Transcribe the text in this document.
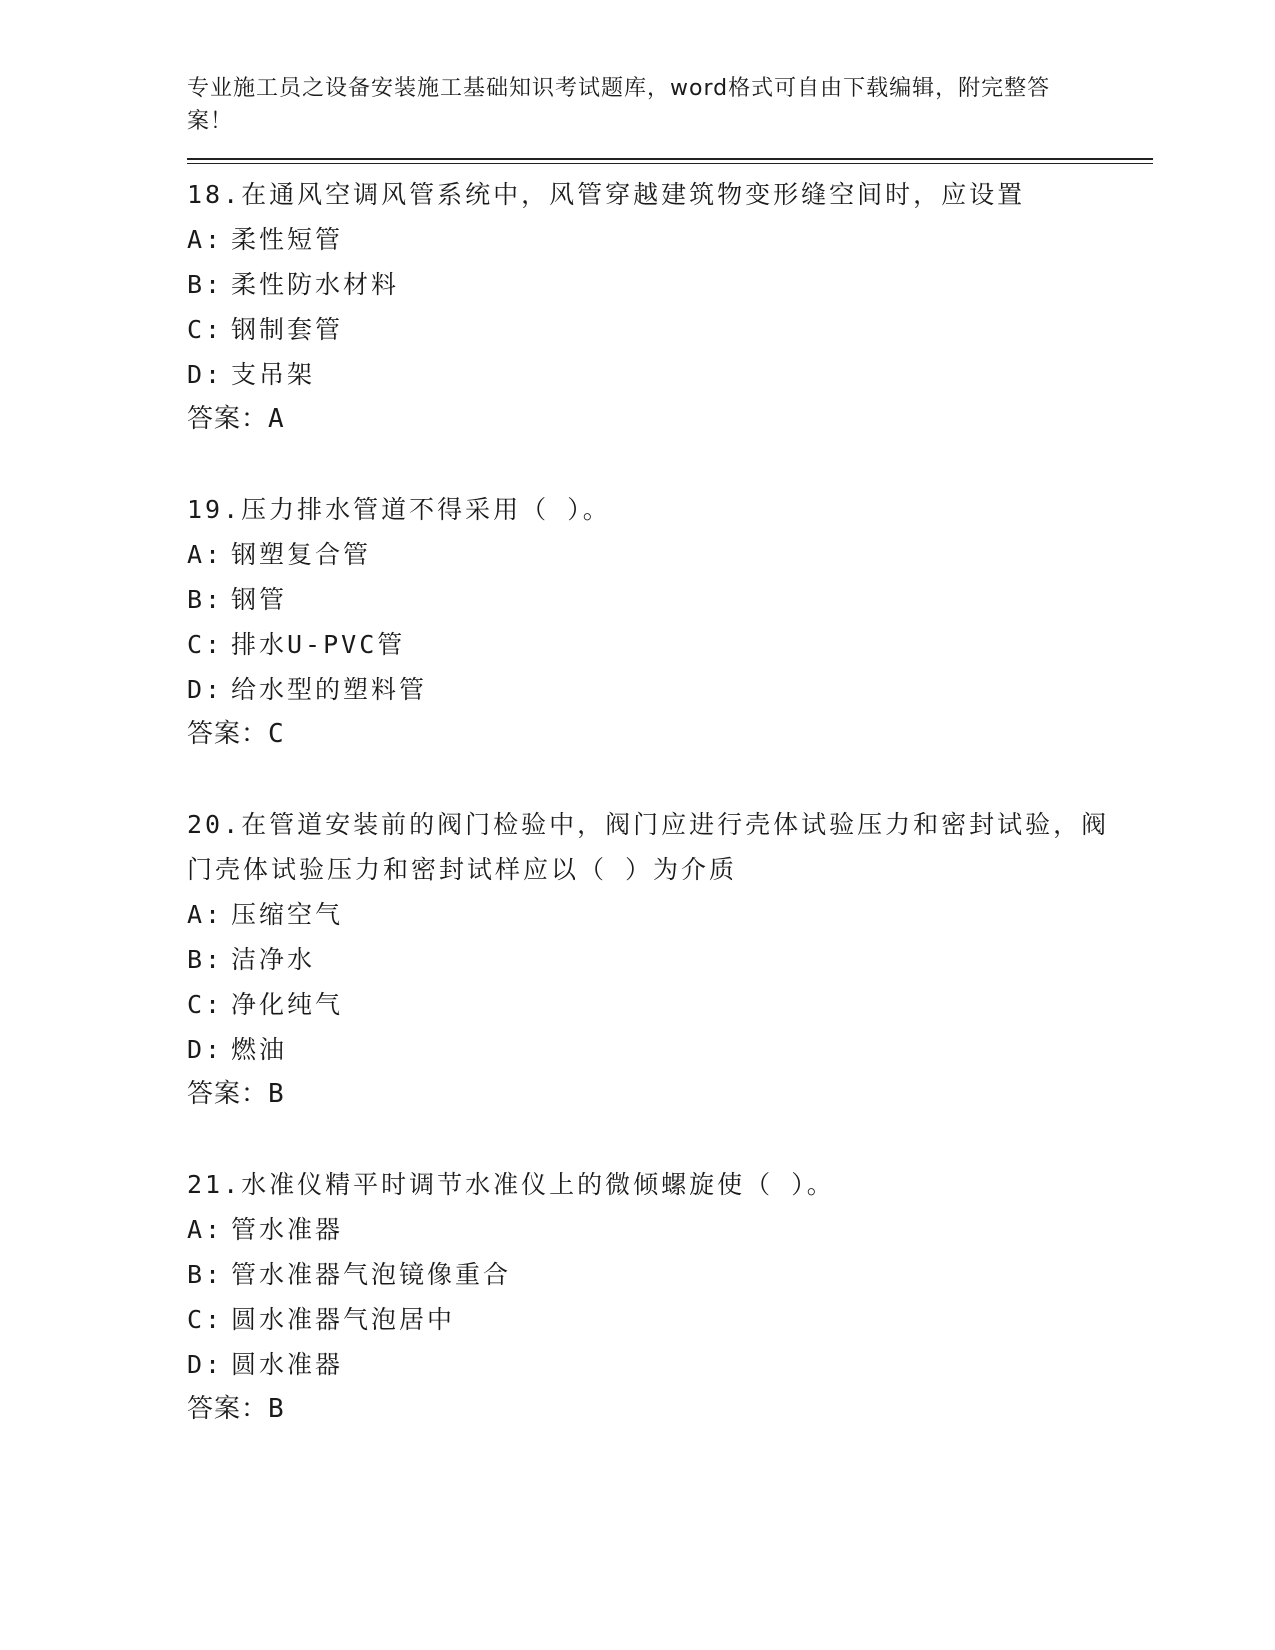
专业施工员之设备安装施工基础知识考试题库，word格式可自由下载编辑，附完整答案！
18.在通风空调风管系统中，风管穿越建筑物变形缝空间时，应设置
A: 柔性短管
B: 柔性防水材料
C: 钢制套管
D: 支吊架
答案：A
19.压力排水管道不得采用（ ）。
A: 钢塑复合管
B: 钢管
C: 排水U-PVC管
D: 给水型的塑料管
答案：C
20.在管道安装前的阀门检验中，阀门应进行壳体试验压力和密封试验，阀门壳体试验压力和密封试样应以（ ）为介质
A: 压缩空气
B: 洁净水
C: 净化纯气
D: 燃油
答案：B
21.水准仪精平时调节水准仪上的微倾螺旋使（ ）。
A: 管水准器
B: 管水准器气泡镜像重合
C: 圆水准器气泡居中
D: 圆水准器
答案：B
